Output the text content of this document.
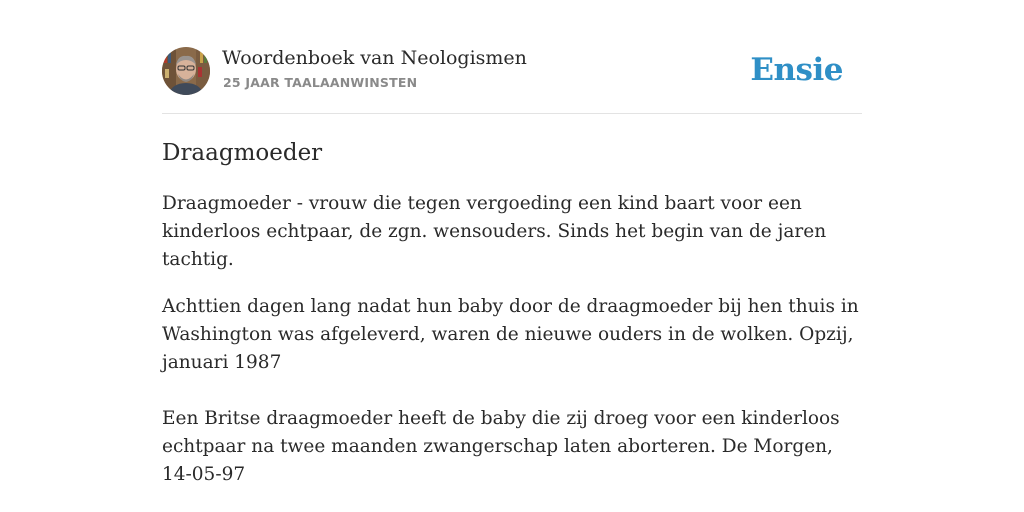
Woordenboek van Neologismen
25 JAAR TAALAANWINSTEN	Ensie
Draagmoeder

Draagmoeder - vrouw die tegen vergoeding een kind baart voor een kinderloos echtpaar, de zgn. wensouders. Sinds het begin van de jaren tachtig.

Achttien dagen lang nadat hun baby door de draagmoeder bij hen thuis in Washington was afgeleverd, waren de nieuwe ouders in de wolken. Opzij, januari 1987

Een Britse draagmoeder heeft de baby die zij droeg voor een kinderloos echtpaar na twee maanden zwangerschap laten aborteren. De Morgen, 14-05-97
